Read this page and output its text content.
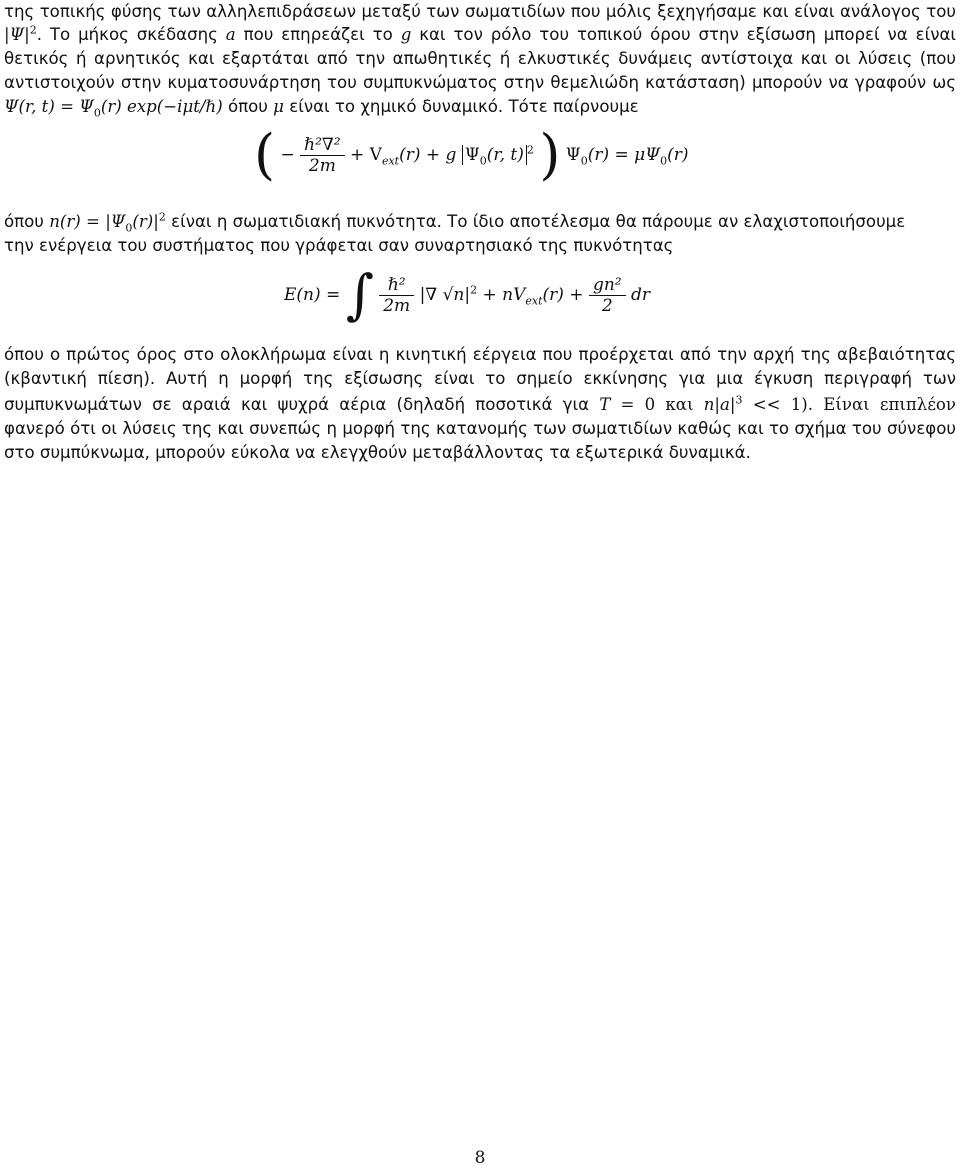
της τοπικής φύσης των αλληλεπιδράσεων μεταξύ των σωματιδίων που μόλις ξεχηγήσαμε και είναι ανάλογος του
$|\Psi|^2$. Το μήκος σκέδασης a που επηρεάζει το g και τον ρόλο του τοπικού όρου στην εξίσωση μπορεί να είναι
θετικός ή αρνητικός και εξαρτάται από την απωθητικές ή ελκυστικές δυνάμεις αντίστοιχα και οι λύσεις (που
αντιστοιχούν στην κυματοσυνάρτηση του συμπυκνώματος στην θεμελιώδη κατάσταση) μπορούν να γραφούν ως
Ψ(r, $t) = \Psi_0(r)$ exp(−iμt/ℏ) όπου μ είναι το χημικό δυναμικό. Τότε παίρνουμε
( − $\frac{\text{ℏ²∇²}}{2m} + V_{ext}(r) + g$ $\Psi_0(r$, t) $^2$ ) $\Psi_0(r) = \mu\Psi_0(r)$
όπου $n(r) = |\Psi_0(r)|^2$ είναι η σωματιδιακή πυκνότητα. Το ίδιο αποτέλεσμα θα πάρουμε αν ελαχιστοποιήσουμε
την ενέργεια του συστήματος που γράφεται σαν συναρτησιακό της πυκνότητας
E(n) = ∫ $\frac{\text{ℏ²}}{2m}$ |∇ $√n|^2 + nV_{ext}(r) + \frac{\text{gn²}}{2}$ dr
όπου ο πρώτος όρος στο ολοκλήρωμα είναι η κινητική εέργεια που προέρχεται από την αρχή της αβεβαιότητας
(κβαντική πίεση). Αυτή η μορφή της εξίσωσης είναι το σημείο εκκίνησης για μια έγκυση περιγραφή των
συμπυκνωμάτων σε αραιά και ψυχρά αέρια (δηλαδή ποσοτικά για T = 0 και $n|a|^3 << 1$). Είναι επιπλέον
φανερό ότι οι λύσεις της και συνεπώς η μορφή της κατανομής των σωματιδίων καθώς και το σχήμα του σύνεφου
στο συμπύκνωμα, μπορούν εύκολα να ελεγχθούν μεταβάλλοντας τα εξωτερικά δυναμικά.
8
